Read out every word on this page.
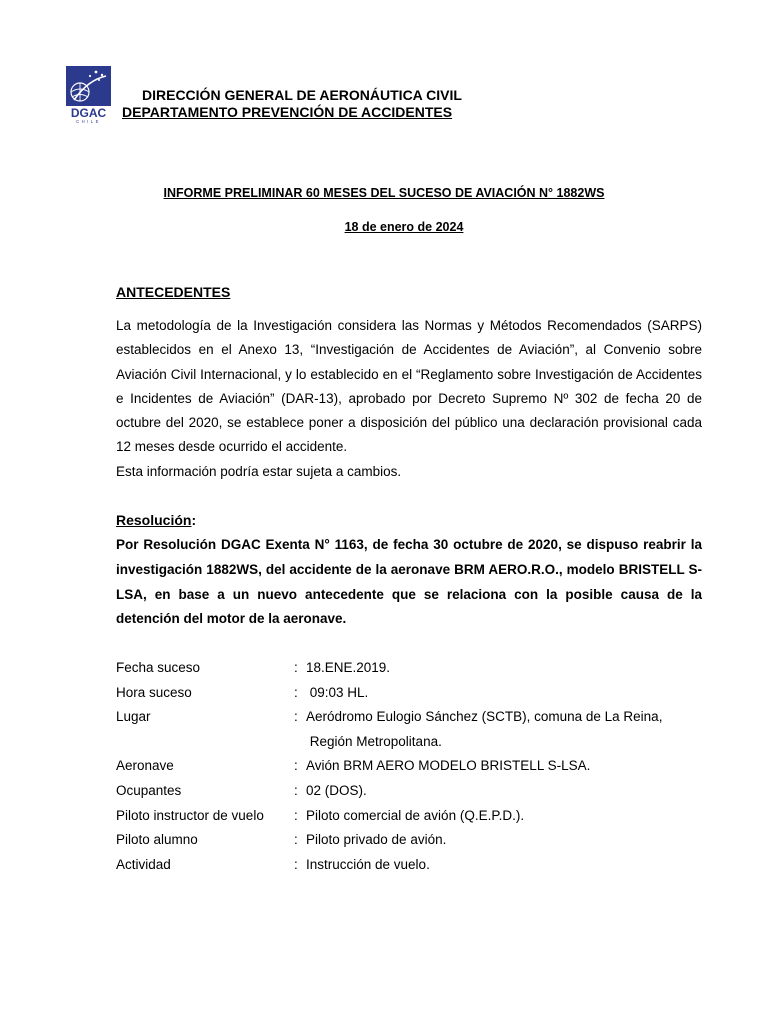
DGAC
CHILE
DIRECCIÓN GENERAL DE AERONÁUTICA CIVIL
DEPARTAMENTO PREVENCIÓN DE ACCIDENTES
INFORME PRELIMINAR 60 MESES DEL SUCESO DE AVIACIÓN N° 1882WS
18 de enero de 2024
ANTECEDENTES
La metodología de la Investigación considera las Normas y Métodos Recomendados (SARPS) establecidos en el Anexo 13, “Investigación de Accidentes de Aviación”, al Convenio sobre Aviación Civil Internacional, y lo establecido en el “Reglamento sobre Investigación de Accidentes e Incidentes de Aviación” (DAR-13), aprobado por Decreto Supremo Nº 302 de fecha 20 de octubre del 2020, se establece poner a disposición del público una declaración provisional cada 12 meses desde ocurrido el accidente.
Esta información podría estar sujeta a cambios.
Resolución:
Por Resolución DGAC Exenta N° 1163, de fecha 30 octubre de 2020, se dispuso reabrir la investigación 1882WS, del accidente de la aeronave BRM AERO.R.O., modelo BRISTELL S-LSA, en base a un nuevo antecedente que se relaciona con la posible causa de la detención del motor de la aeronave.
Fecha suceso	: 18.ENE.2019.
Hora suceso	: 09:03 HL.
Lugar	: Aeródromo Eulogio Sánchez (SCTB), comuna de La Reina,
Región Metropolitana.
Aeronave	: Avión BRM AERO MODELO BRISTELL S-LSA.
Ocupantes	: 02 (DOS).
Piloto instructor de vuelo	: Piloto comercial de avión (Q.E.P.D.).
Piloto alumno	: Piloto privado de avión.
Actividad	: Instrucción de vuelo.
